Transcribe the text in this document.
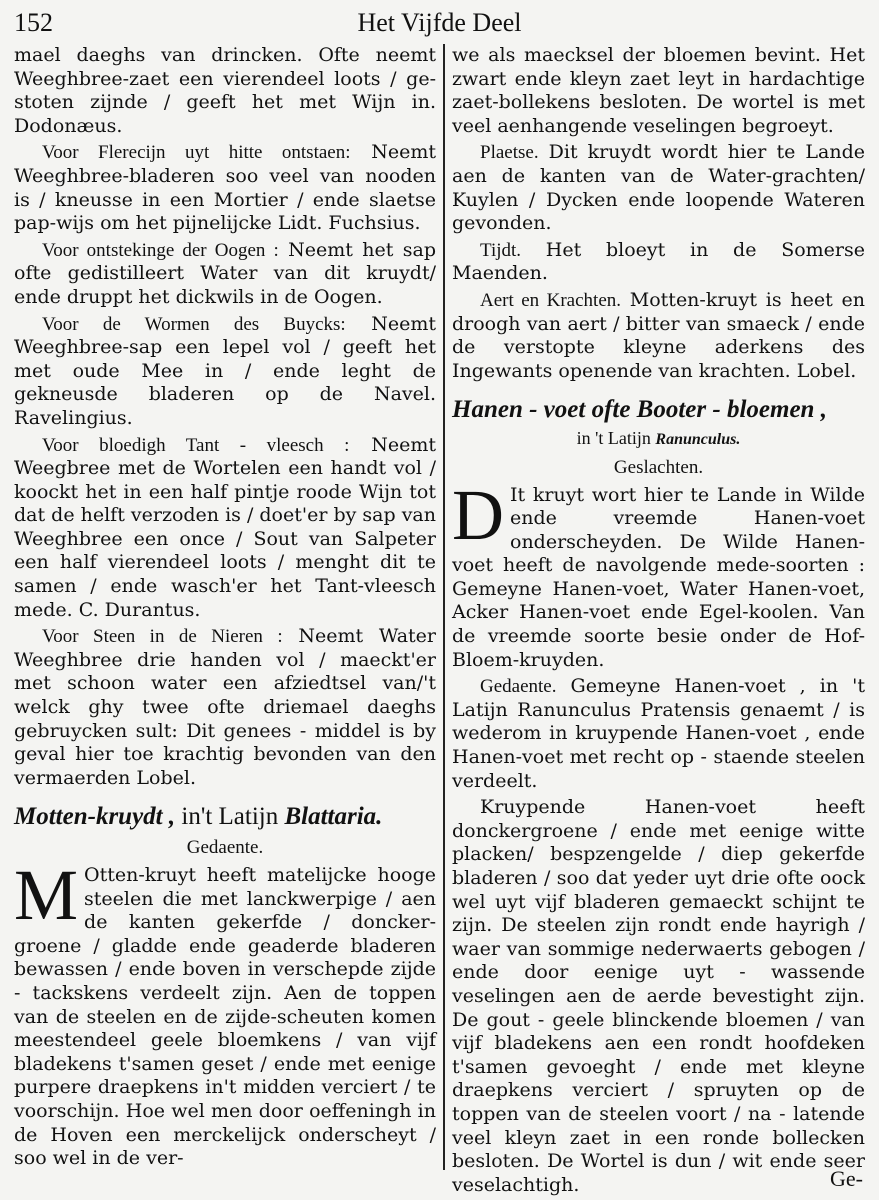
152	Het Vijfde Deel

mael daeghs van drincken. Ofte neemt Weeghbree-zaet een vierendeel loots / ge-stoten zijnde / geeft het met Wijn in. Dodonæus.

Voor Flerecijn uyt hitte ontstaen: Neemt Weeghbree-bladeren soo veel van nooden is / kneusse in een Mortier / ende slaetse pap-wijs om het pijnelijcke Lidt. Fuchsius.

Voor ontstekinge der Oogen : Neemt het sap ofte gedistilleert Water van dit kruydt/ ende druppt het dickwils in de Oogen.

Voor de Wormen des Buycks: Neemt Weeghbree-sap een lepel vol / geeft het met oude Mee in / ende leght de gekneusde bladeren op de Navel. Ravelingius.

Voor bloedigh Tant - vleesch : Neemt Weegbree met de Wortelen een handt vol / koockt het in een half pintje roode Wijn tot dat de helft verzoden is / doet'er by sap van Weeghbree een once / Sout van Salpeter een half vierendeel loots / menght dit te samen / ende wasch'er het Tant-vleesch mede. C. Durantus.

Voor Steen in de Nieren : Neemt Water Weeghbree drie handen vol / maeckt'er met schoon water een afziedtsel van/'t welck ghy twee ofte driemael daeghs gebruycken sult: Dit genees - middel is by geval hier toe krachtig bevonden van den vermaerden Lobel.

Motten-kruydt , in't Latijn Blattaria.
Gedaente.

M Otten-kruyt heeft matelijcke hooge steelen die met lanckwerpige / aen de kanten gekerfde / doncker-groene / gladde ende geaderde bladeren bewassen / ende boven in verschepde zijde - tackskens verdeelt zijn. Aen de toppen van de steelen en de zijde-scheuten komen meestendeel geele bloemkens / van vijf bladekens t'samen geset / ende met eenige purpere draepkens in't midden verciert / te voorschijn. Hoe wel men door oeffeningh in de Hoven een merckelijck onderscheyt / soo wel in de ver-

we als maecksel der bloemen bevint. Het zwart ende kleyn zaet leyt in hardachtige zaet-bollekens besloten. De wortel is met veel aenhangende veselingen begroeyt.

Plaetse. Dit kruydt wordt hier te Lande aen de kanten van de Water-grachten/ Kuylen / Dycken ende loopende Wateren gevonden.

Tijdt. Het bloeyt in de Somerse Maenden.

Aert en Krachten. Motten-kruyt is heet en droogh van aert / bitter van smaeck / ende de verstopte kleyne aderkens des Ingewants openende van krachten. Lobel.

Hanen - voet ofte Booter - bloemen ,
in 't Latijn Ranunculus.
Geslachten.

D It kruyt wort hier te Lande in Wilde ende vreemde Hanen-voet onderscheyden. De Wilde Hanen-voet heeft de navolgende mede-soorten : Gemeyne Hanen-voet, Water Hanen-voet, Acker Hanen-voet ende Egel-koolen. Van de vreemde soorte besie onder de Hof-Bloem-kruyden.

Gedaente. Gemeyne Hanen-voet , in 't Latijn Ranunculus Pratensis genaemt / is wederom in kruypende Hanen-voet , ende Hanen-voet met recht op - staende steelen verdeelt.

Kruypende Hanen-voet heeft donckergroene / ende met eenige witte placken/ bespzengelde / diep gekerfde bladeren / soo dat yeder uyt drie ofte oock wel uyt vijf bladeren gemaeckt schijnt te zijn. De steelen zijn rondt ende hayrigh / waer van sommige nederwaerts gebogen / ende door eenige uyt - wassende veselingen aen de aerde bevestight zijn. De gout - geele blinckende bloemen / van vijf bladekens aen een rondt hoofdeken t'samen gevoeght / ende met kleyne draepkens verciert / spruyten op de toppen van de steelen voort / na - latende veel kleyn zaet in een ronde bollecken besloten. De Wortel is dun / wit ende seer veselachtigh.	Ge-
